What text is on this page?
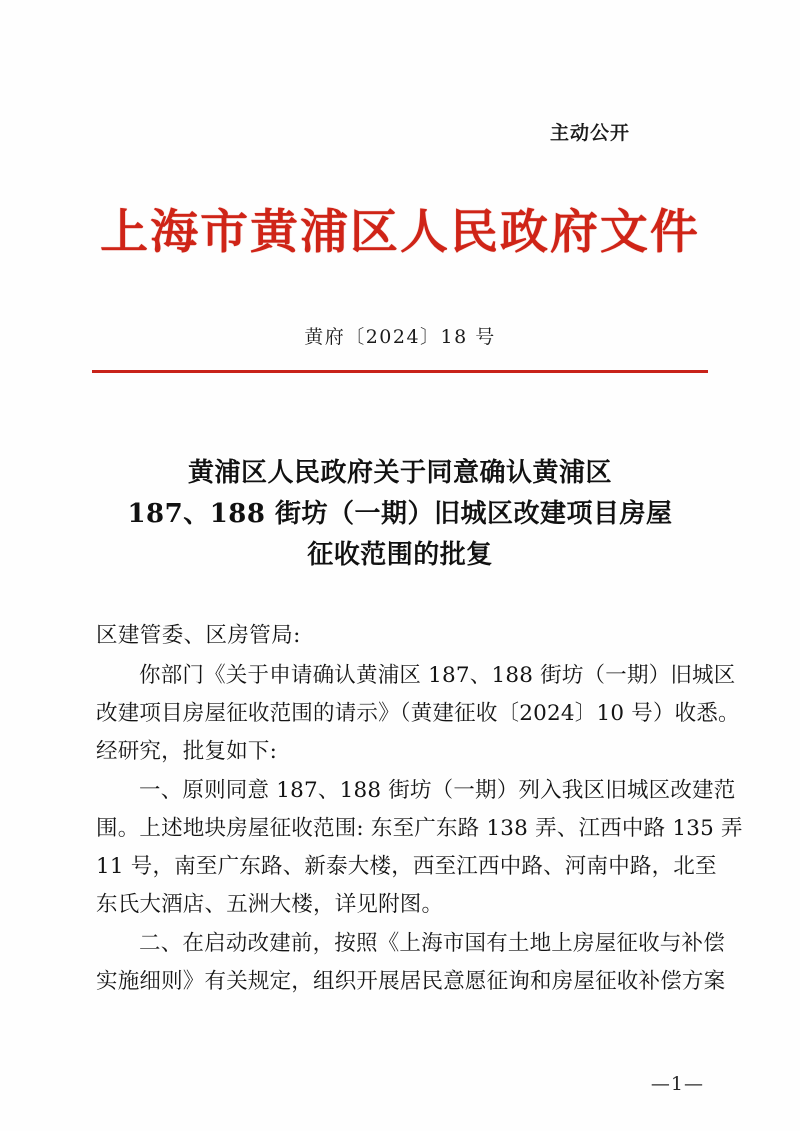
主动公开
上海市黄浦区人民政府文件
黄府〔2024〕18 号
黄浦区人民政府关于同意确认黄浦区
187、188 街坊（一期）旧城区改建项目房屋
征收范围的批复
区建管委、区房管局:

你部门《关于申请确认黄浦区 187、188 街坊（一期）旧城区
改建项目房屋征收范围的请示》（黄建征收〔2024〕10 号）收悉。
经研究，批复如下:

一、原则同意 187、188 街坊（一期）列入我区旧城区改建范
围。上述地块房屋征收范围: 东至广东路 138 弄、江西中路 135 弄
11 号，南至广东路、新泰大楼，西至江西中路、河南中路，北至
东氏大酒店、五洲大楼，详见附图。

二、在启动改建前，按照《上海市国有土地上房屋征收与补偿
实施细则》有关规定，组织开展居民意愿征询和房屋征收补偿方案

—1—
